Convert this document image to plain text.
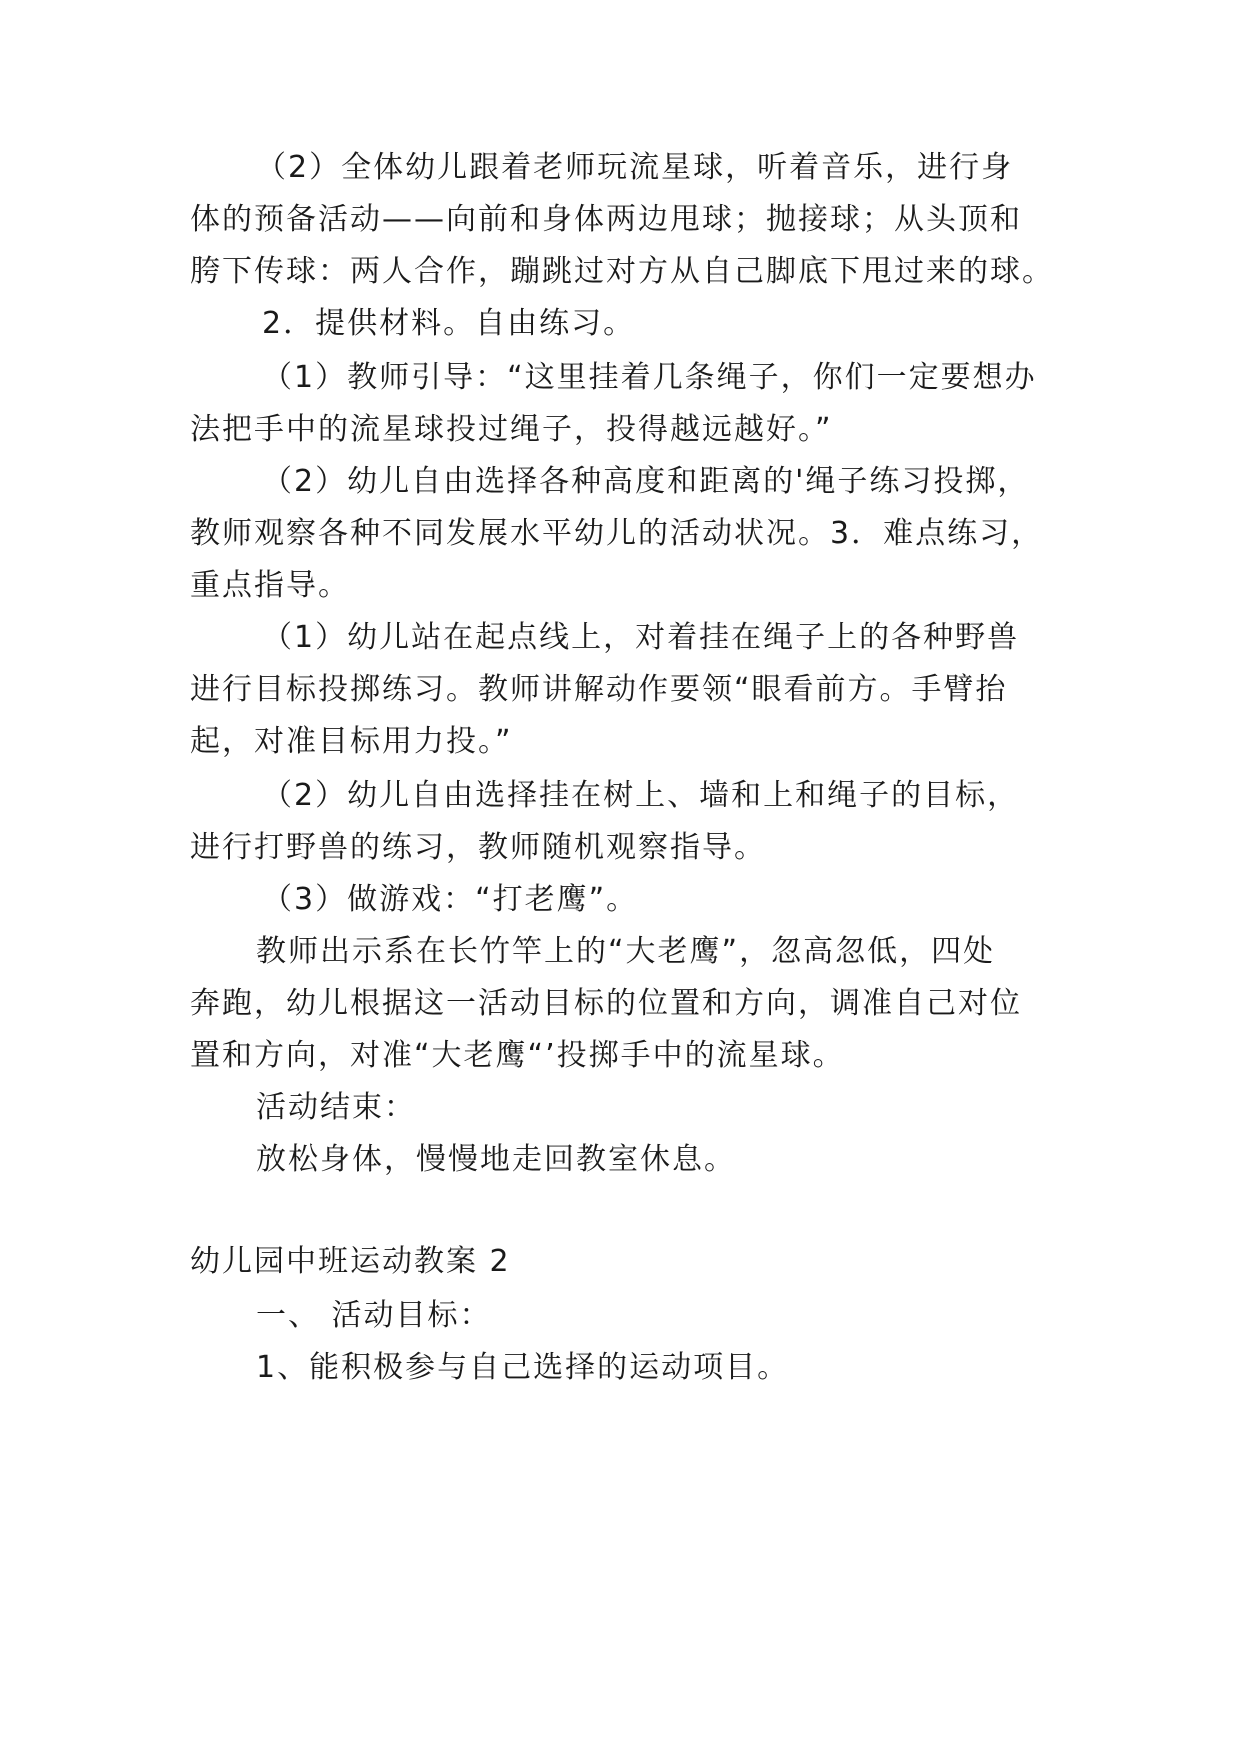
（2）全体幼儿跟着老师玩流星球，听着音乐，进行身
体的预备活动——向前和身体两边甩球；抛接球；从头顶和
胯下传球：两人合作，蹦跳过对方从自己脚底下甩过来的球。
2．提供材料。自由练习。
（1）教师引导：“这里挂着几条绳子，你们一定要想办
法把手中的流星球投过绳子，投得越远越好。”
（2）幼儿自由选择各种高度和距离的'绳子练习投掷，
教师观察各种不同发展水平幼儿的活动状况。3．难点练习，
重点指导。
（1）幼儿站在起点线上，对着挂在绳子上的各种野兽
进行目标投掷练习。教师讲解动作要领“眼看前方。手臂抬
起，对准目标用力投。”
（2）幼儿自由选择挂在树上、墙和上和绳子的目标，
进行打野兽的练习，教师随机观察指导。
（3）做游戏：“打老鹰”。
教师出示系在长竹竿上的“大老鹰”，忽高忽低，四处
奔跑，幼儿根据这一活动目标的位置和方向，调准自己对位
置和方向，对准“大老鹰“’投掷手中的流星球。
活动结束：
放松身体，慢慢地走回教室休息。
幼儿园中班运动教案 2
一、 活动目标：
1、能积极参与自己选择的运动项目。
